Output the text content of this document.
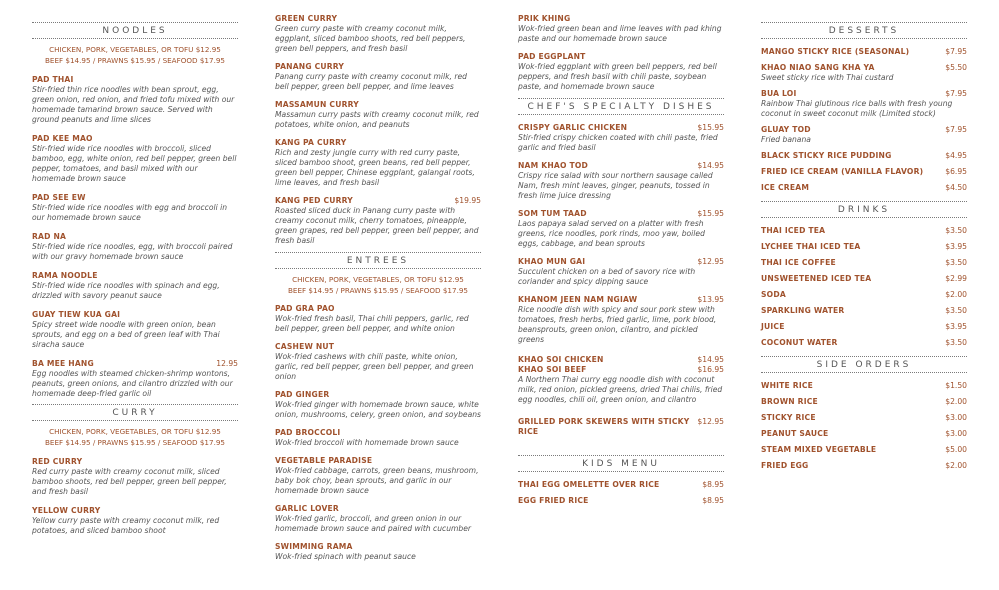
NOODLES
CHICKEN, PORK, VEGETABLES, OR TOFU $12.95
BEEF $14.95 / PRAWNS $15.95 / SEAFOOD $17.95
PAD THAI
Stir-fried thin rice noodles with bean sprout, egg, green onion, red onion, and fried tofu mixed with our homemade tamarind brown sauce. Served with ground peanuts and lime slices
PAD KEE MAO
Stir-fried wide rice noodles with broccoli, sliced bamboo, egg, white onion, red bell pepper, green bell pepper, tomatoes, and basil mixed with our homemade brown sauce
PAD SEE EW
Stir-fried wide rice noodles with egg and broccoli in our homemade brown sauce
RAD NA
Stir-fried wide rice noodles, egg, with broccoli paired with our gravy homemade brown sauce
RAMA NOODLE
Stir-fried wide rice noodles with spinach and egg, drizzled with savory peanut sauce
GUAY TIEW KUA GAI
Spicy street wide noodle with green onion, bean sprouts, and egg on a bed of green leaf with Thai siracha sauce
BA MEE HANG	12.95
Egg noodles with steamed chicken-shrimp wontons, peanuts, green onions, and cilantro drizzled with our homemade deep-fried garlic oil
CURRY
CHICKEN, PORK, VEGETABLES, OR TOFU $12.95
BEEF $14.95 / PRAWNS $15.95 / SEAFOOD $17.95
RED CURRY
Red curry paste with creamy coconut milk, sliced bamboo shoots, red bell pepper, green bell pepper, and fresh basil
YELLOW CURRY
Yellow curry paste with creamy coconut milk, red potatoes, and sliced bamboo shoot
GREEN CURRY
Green curry paste with creamy coconut milk, eggplant, sliced bamboo shoots, red bell peppers, green bell peppers, and fresh basil
PANANG CURRY
Panang curry paste with creamy coconut milk, red bell pepper, green bell pepper, and lime leaves
MASSAMUN CURRY
Massamun curry pasts with creamy coconut milk, red potatoes, white onion, and peanuts
KANG PA CURRY
Rich and zesty jungle curry with red curry paste, sliced bamboo shoot, green beans, red bell pepper, green bell pepper, Chinese eggplant, galangal roots, lime leaves, and fresh basil
KANG PED CURRY	$19.95
Roasted sliced duck in Panang curry paste with creamy coconut milk, cherry tomatoes, pineapple, green grapes, red bell pepper, green bell pepper, and fresh basil
ENTREES
CHICKEN, PORK, VEGETABLES, OR TOFU $12.95
BEEF $14.95 / PRAWNS $15.95 / SEAFOOD $17.95
PAD GRA PAO
Wok-fried fresh basil, Thai chili peppers, garlic, red bell pepper, green bell pepper, and white onion
CASHEW NUT
Wok-fried cashews with chili paste, white onion, garlic, red bell pepper, green bell pepper, and green onion
PAD GINGER
Wok-fried ginger with homemade brown sauce, white onion, mushrooms, celery, green onion, and soybeans
PAD BROCCOLI
Wok-fried broccoli with homemade brown sauce
VEGETABLE PARADISE
Wok-fried cabbage, carrots, green beans, mushroom, baby bok choy, bean sprouts, and garlic in our homemade brown sauce
GARLIC LOVER
Wok-fried garlic, broccoli, and green onion in our homemade brown sauce and paired with cucumber
SWIMMING RAMA
Wok-fried spinach with peanut sauce
PRIK KHING
Wok-fried green bean and lime leaves with pad khing paste and our homemade brown sauce
PAD EGGPLANT
Wok-fried eggplant with green bell peppers, red bell peppers, and fresh basil with chili paste, soybean paste, and homemade brown sauce
CHEF'S SPECIALTY DISHES
CRISPY GARLIC CHICKEN	$15.95
Stir-fried crispy chicken coated with chili paste, fried garlic and fried basil
NAM KHAO TOD	$14.95
Crispy rice salad with sour northern sausage called Nam, fresh mint leaves, ginger, peanuts, tossed in fresh lime juice dressing
SOM TUM TAAD	$15.95
Laos papaya salad served on a platter with fresh greens, rice noodles, pork rinds, moo yaw, boiled eggs, cabbage, and bean sprouts
KHAO MUN GAI	$12.95
Succulent chicken on a bed of savory rice with coriander and spicy dipping sauce
KHANOM JEEN NAM NGIAW	$13.95
Rice noodle dish with spicy and sour pork stew with tomatoes, fresh herbs, fried garlic, lime, pork blood, beansprouts, green onion, cilantro, and pickled greens
KHAO SOI CHICKEN	$14.95
KHAO SOI BEEF	$16.95
A Northern Thai curry egg noodle dish with coconut milk, red onion, pickled greens, dried Thai chilis, fried egg noodles, chili oil, green onion, and cilantro
GRILLED PORK SKEWERS WITH STICKY RICE
$12.95
KIDS MENU
THAI EGG OMELETTE OVER RICE	$8.95
EGG FRIED RICE	$8.95
DESSERTS
MANGO STICKY RICE (SEASONAL)	$7.95
KHAO NIAO SANG KHA YA	$5.50
Sweet sticky rice with Thai custard
BUA LOI	$7.95
Rainbow Thai glutinous rice balls with fresh young coconut in sweet coconut milk (Limited stock)
GLUAY TOD	$7.95
Fried banana
BLACK STICKY RICE PUDDING	$4.95
FRIED ICE CREAM (VANILLA FLAVOR)	$6.95
ICE CREAM	$4.50
DRINKS
THAI ICED TEA	$3.50
LYCHEE THAI ICED TEA	$3.95
THAI ICE COFFEE	$3.50
UNSWEETENED ICED TEA	$2.99
SODA	$2.00
SPARKLING WATER	$3.50
JUICE	$3.95
COCONUT WATER	$3.50
SIDE ORDERS
WHITE RICE	$1.50
BROWN RICE	$2.00
STICKY RICE	$3.00
PEANUT SAUCE	$3.00
STEAM MIXED VEGETABLE	$5.00
FRIED EGG	$2.00
